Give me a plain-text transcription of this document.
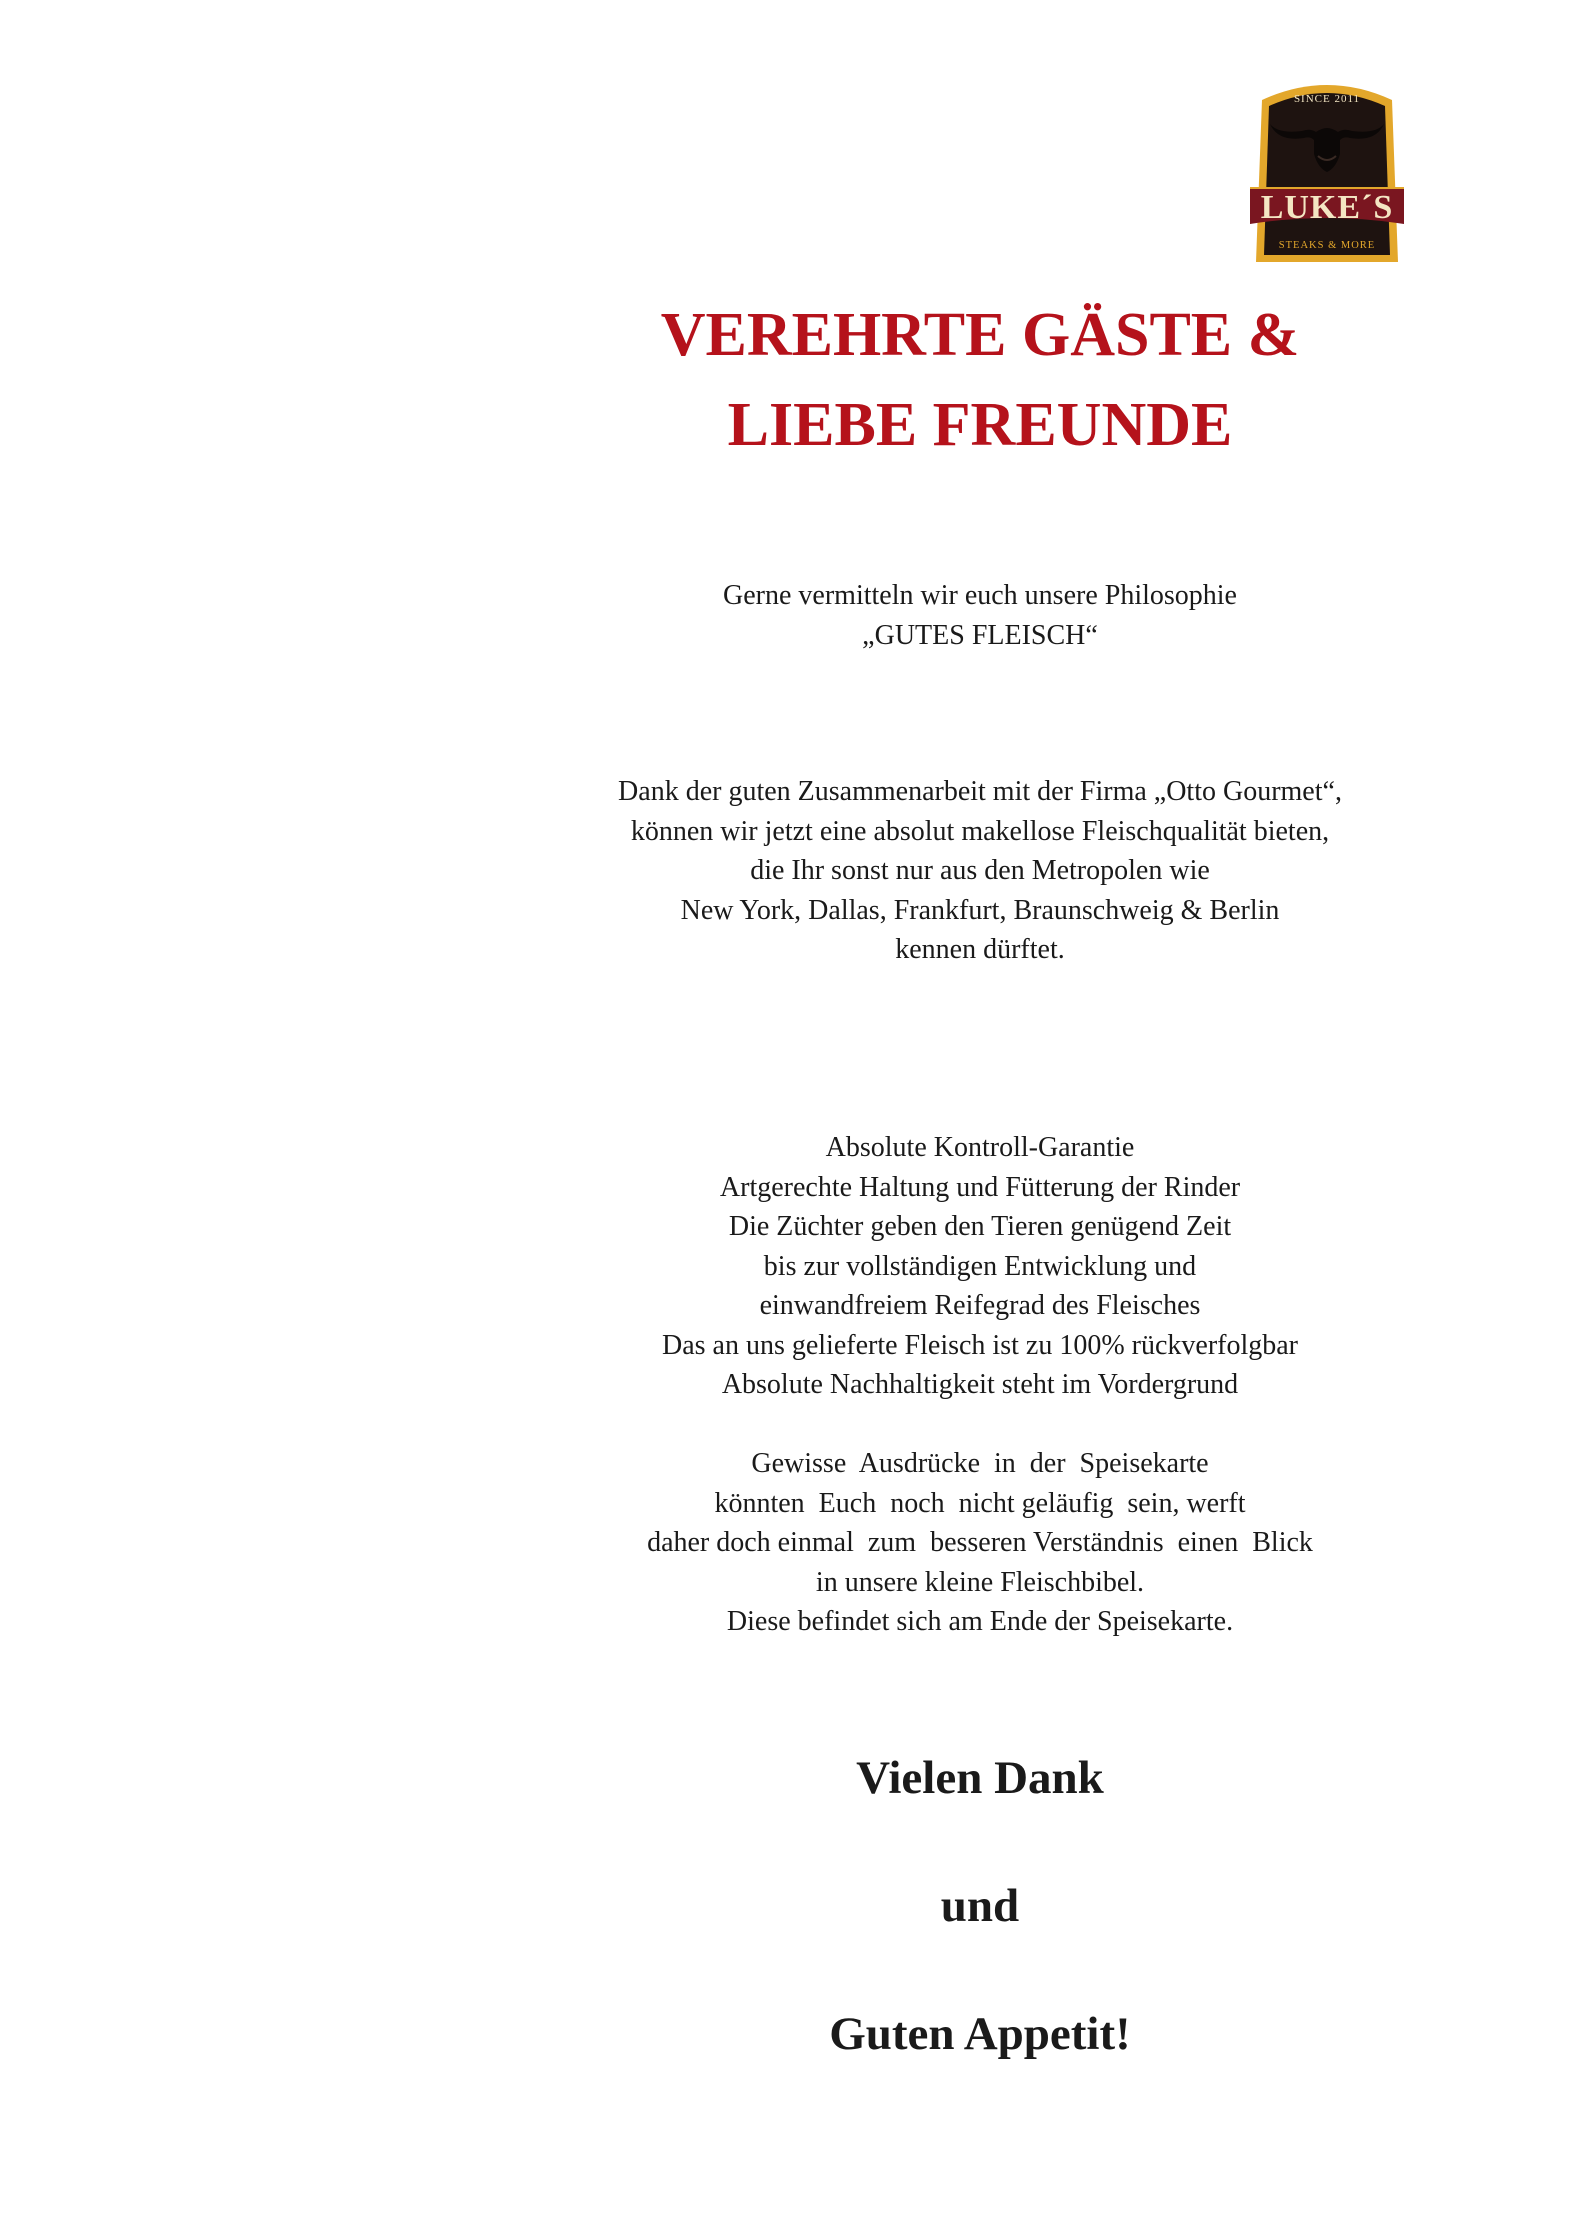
SINCE 2011
LUKE´S
STEAKS & MORE
VEREHRTE GÄSTE &
LIEBE FREUNDE
Gerne vermitteln wir euch unsere Philosophie
„GUTES FLEISCH“
Dank der guten Zusammenarbeit mit der Firma „Otto Gourmet“,
können wir jetzt eine absolut makellose Fleischqualität bieten,
die Ihr sonst nur aus den Metropolen wie
New York, Dallas, Frankfurt, Braunschweig & Berlin
kennen dürftet.
Absolute Kontroll-Garantie
Artgerechte Haltung und Fütterung der Rinder
Die Züchter geben den Tieren genügend Zeit
bis zur vollständigen Entwicklung und
einwandfreiem Reifegrad des Fleisches
Das an uns gelieferte Fleisch ist zu 100% rückverfolgbar
Absolute Nachhaltigkeit steht im Vordergrund
Gewisse  Ausdrücke  in  der  Speisekarte
könnten  Euch  noch  nicht geläufig  sein, werft
daher doch einmal  zum  besseren Verständnis  einen  Blick
in unsere kleine Fleischbibel.
Diese befindet sich am Ende der Speisekarte.
Vielen Dank
und
Guten Appetit!
